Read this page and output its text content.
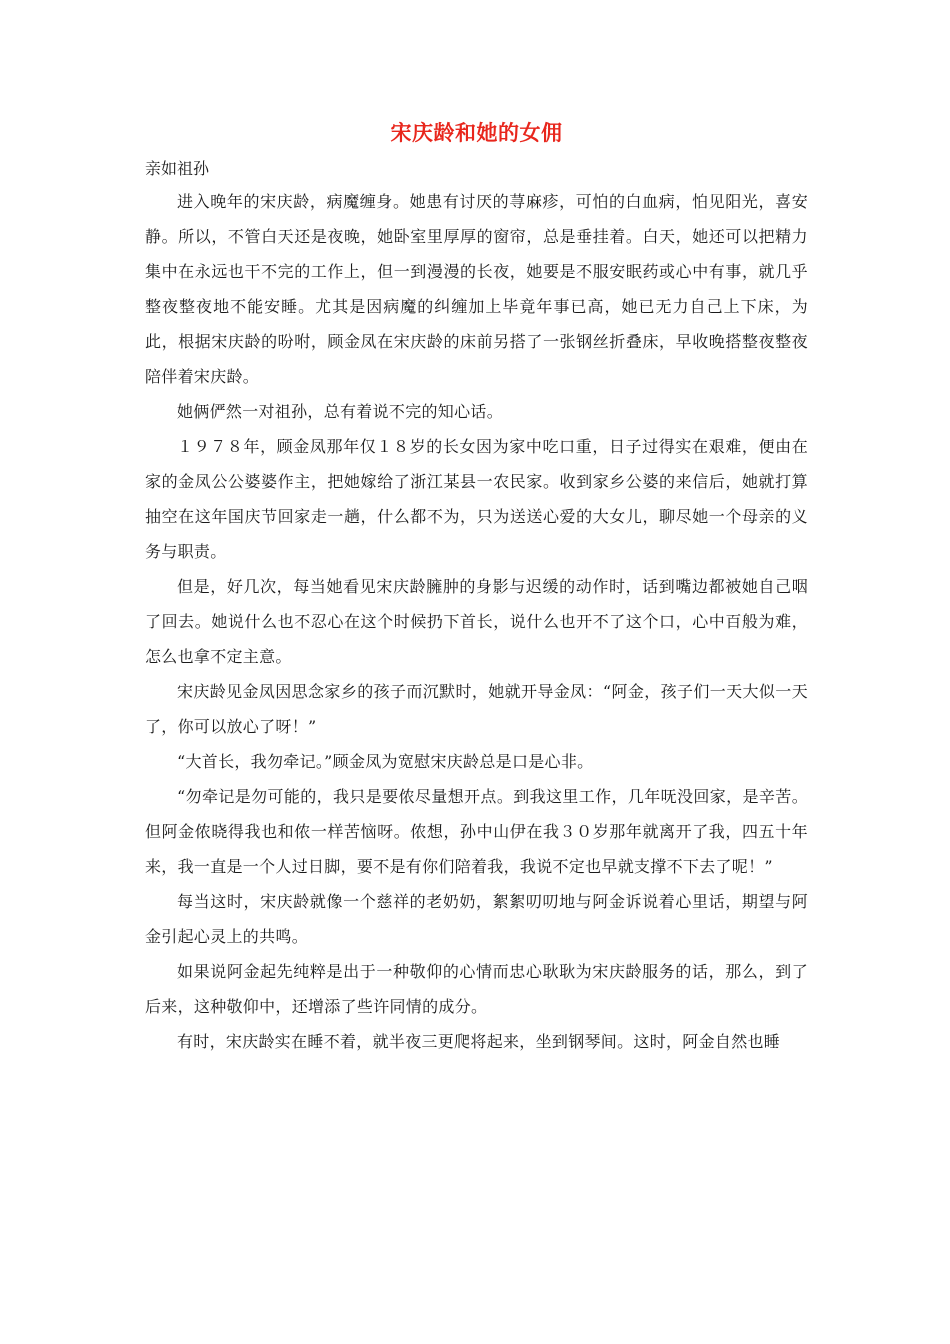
宋庆龄和她的女佣

亲如祖孙

进入晚年的宋庆龄，病魔缠身。她患有讨厌的荨麻疹，可怕的白血病，怕见阳光，喜安静。所以，不管白天还是夜晚，她卧室里厚厚的窗帘，总是垂挂着。白天，她还可以把精力集中在永远也干不完的工作上，但一到漫漫的长夜，她要是不服安眠药或心中有事，就几乎整夜整夜地不能安睡。尤其是因病魔的纠缠加上毕竟年事已高，她已无力自己上下床，为此，根据宋庆龄的吩咐，顾金凤在宋庆龄的床前另搭了一张钢丝折叠床，早收晚搭整夜整夜陪伴着宋庆龄。

她俩俨然一对祖孙，总有着说不完的知心话。

１９７８年，顾金凤那年仅１８岁的长女因为家中吃口重，日子过得实在艰难，便由在家的金凤公公婆婆作主，把她嫁给了浙江某县一农民家。收到家乡公婆的来信后，她就打算抽空在这年国庆节回家走一趟，什么都不为，只为送送心爱的大女儿，聊尽她一个母亲的义务与职责。

但是，好几次，每当她看见宋庆龄臃肿的身影与迟缓的动作时，话到嘴边都被她自己咽了回去。她说什么也不忍心在这个时候扔下首长，说什么也开不了这个口，心中百般为难，怎么也拿不定主意。

宋庆龄见金凤因思念家乡的孩子而沉默时，她就开导金凤：“阿金，孩子们一天大似一天了，你可以放心了呀！”

“大首长，我勿牵记。”顾金凤为宽慰宋庆龄总是口是心非。

“勿牵记是勿可能的，我只是要侬尽量想开点。到我这里工作，几年呒没回家，是辛苦。但阿金侬晓得我也和侬一样苦恼呀。侬想，孙中山伊在我３０岁那年就离开了我，四五十年来，我一直是一个人过日脚，要不是有你们陪着我，我说不定也早就支撑不下去了呢！”

每当这时，宋庆龄就像一个慈祥的老奶奶，絮絮叨叨地与阿金诉说着心里话，期望与阿金引起心灵上的共鸣。

如果说阿金起先纯粹是出于一种敬仰的心情而忠心耿耿为宋庆龄服务的话，那么，到了后来，这种敬仰中，还增添了些许同情的成分。

有时，宋庆龄实在睡不着，就半夜三更爬将起来，坐到钢琴间。这时，阿金自然也睡
